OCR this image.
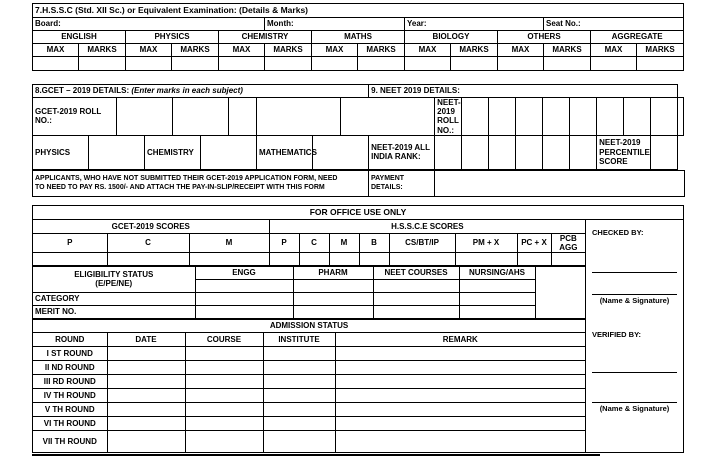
7.H.S.S.C (Std. XII Sc.) or Equivalent Examination: (Details & Marks)													
Board:					Month:			Year:			Seat No.:		
ENGLISH		PHYSICS		CHEMISTRY		MATHS		BIOLOGY		OTHERS		AGGREGATE	
MAX	MARKS	MAX	MARKS	MAX	MARKS	MAX	MARKS	MAX	MARKS	MAX	MARKS	MAX	MARKS

8.GCET – 2019 DETAILS: (Enter marks in each subject)										9. NEET 2019 DETAILS:										
GCET-2019 ROLL NO.:											NEET-2019 ROLL NO.:									

PHYSICS			CHEMISTRY				MATHEMATICS			NEET-2019 ALL INDIA RANK:							NEET-2019 PERCENTILE SCORE			
APPLICANTS, WHO HAVE NOT SUBMITTED THEIR GCET-2019 APPLICATION FORM, NEED
TO NEED TO PAY RS. 1500/- AND ATTACH THE PAY-IN-SLIP/RECEIPT WITH THIS FORM
	PAYMENT DETAILS:	

FOR OFFICE USE ONLY
GCET-2019 SCORES			H.S.S.C.E SCORES							
P	C	M	P	C	M	B	CS/BT/IP	PM + X	PC + X	PCB AGG

ELIGIBILITY STATUS
(E/PE/NE)	ENGG	PHARM	NEET COURSES	NURSING/AHS	

CATEGORY					
MERIT NO.					
ADMISSION STATUS				
ROUND	DATE	COURSE	INSTITUTE	REMARK
I ST ROUND				
II ND ROUND				
III RD ROUND				
IV TH ROUND				
V TH ROUND				
VI TH ROUND				
VII TH ROUND				
CHECKED BY:
(Name & Signature)
VERIFIED BY:
(Name & Signature)
